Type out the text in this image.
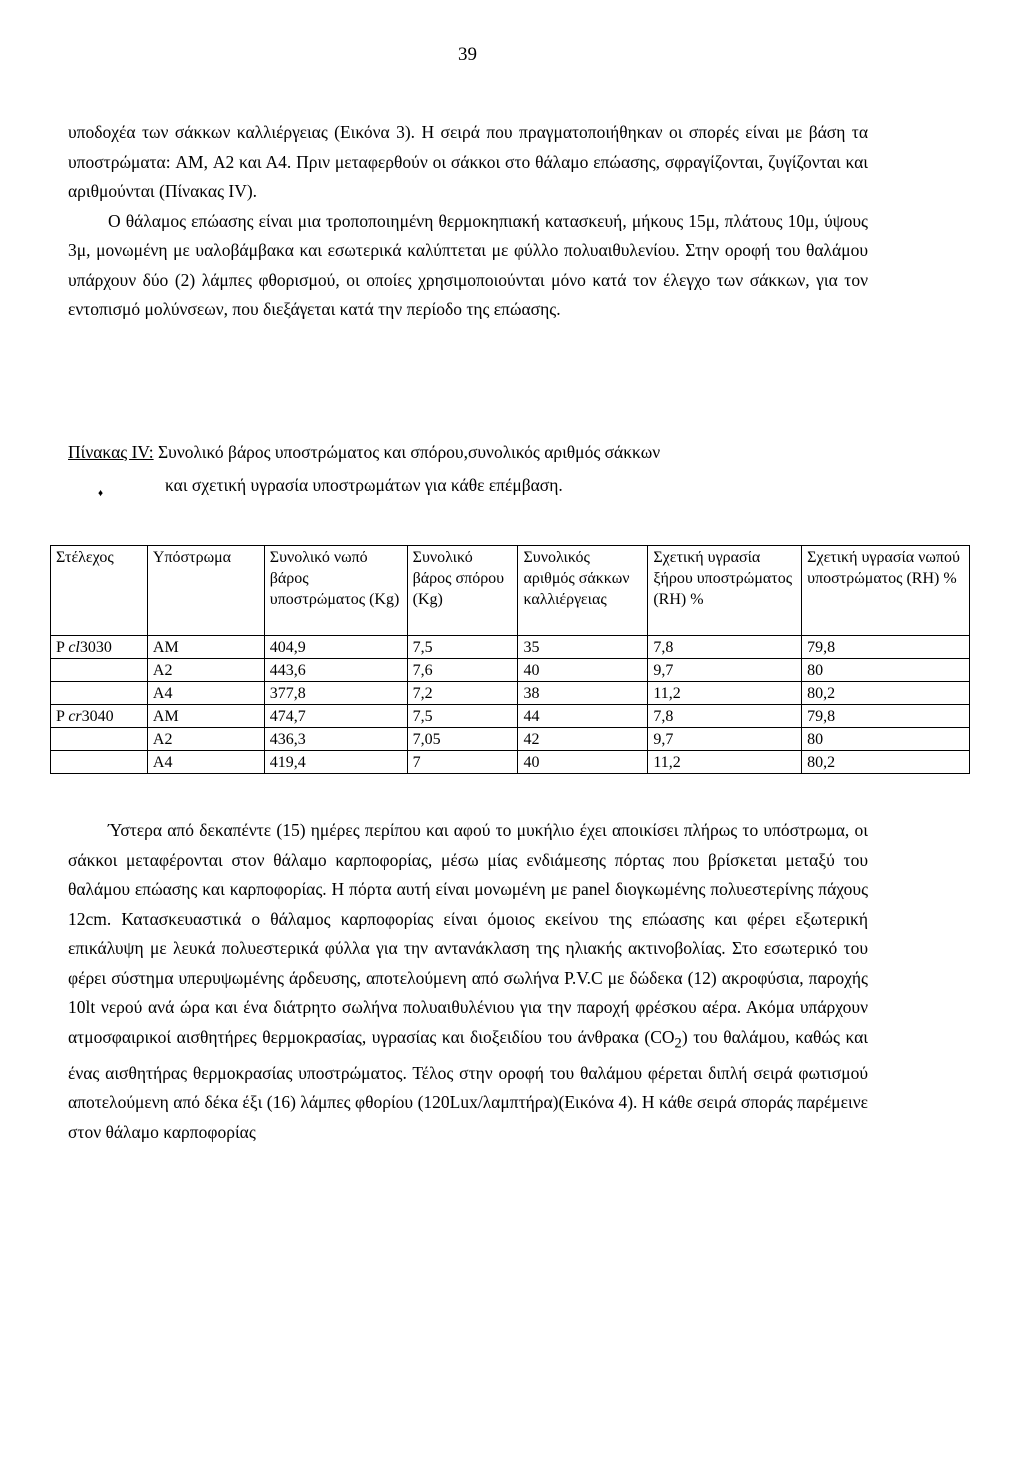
39
υποδοχέα των σάκκων καλλιέργειας (Εικόνα 3). Η σειρά που πραγματοποιήθηκαν οι σπορές είναι με βάση τα υποστρώματα: AM, Α2 και Α4. Πριν μεταφερθούν οι σάκκοι στο θάλαμο επώασης, σφραγίζονται, ζυγίζονται και αριθμούνται (Πίνακας IV).
Ο θάλαμος επώασης είναι μια τροποποιημένη θερμοκηπιακή κατασκευή, μήκους 15μ, πλάτους 10μ, ύψους 3μ, μονωμένη με υαλοβάμβακα και εσωτερικά καλύπτεται με φύλλο πολυαιθυλενίου. Στην οροφή του θαλάμου υπάρχουν δύο (2) λάμπες φθορισμού, οι οποίες χρησιμοποιούνται μόνο κατά τον έλεγχο των σάκκων, για τον εντοπισμό μολύνσεων, που διεξάγεται κατά την περίοδο της επώασης.
Πίνακας IV: Συνολικό βάρος υποστρώματος και σπόρου,συνολικός αριθμός σάκκων
και σχετική υγρασία υποστρωμάτων για κάθε επέμβαση.
♦
Στέλεχος	Υπόστρωμα	Συνολικό νωπό βάρος υποστρώματος (Kg)	Συνολικό βάρος σπόρου (Kg)	Συνολικός αριθμός σάκκων καλλιέργειας	Σχετική υγρασία ξήρου υποστρώματος (RH) %	Σχετική υγρασία νωπού υποστρώματος (RH) %
P cl3030	AM	404,9	7,5	35	7,8	79,8
	A2	443,6	7,6	40	9,7	80
	A4	377,8	7,2	38	11,2	80,2
P cr3040	AM	474,7	7,5	44	7,8	79,8
	A2	436,3	7,05	42	9,7	80
	A4	419,4	7	40	11,2	80,2
Ύστερα από δεκαπέντε (15) ημέρες περίπου και αφού το μυκήλιο έχει αποικίσει πλήρως το υπόστρωμα, οι σάκκοι μεταφέρονται στον θάλαμο καρποφορίας, μέσω μίας ενδιάμεσης πόρτας που βρίσκεται μεταξύ του θαλάμου επώασης και καρποφορίας. Η πόρτα αυτή είναι μονωμένη με panel διογκωμένης πολυεστερίνης πάχους 12cm. Κατασκευαστικά ο θάλαμος καρποφορίας είναι όμοιος εκείνου της επώασης και φέρει εξωτερική επικάλυψη με λευκά πολυεστερικά φύλλα για την αντανάκλαση της ηλιακής ακτινοβολίας. Στο εσωτερικό του φέρει σύστημα υπερυψωμένης άρδευσης, αποτελούμενη από σωλήνα P.V.C με δώδεκα (12) ακροφύσια, παροχής 10lt νερού ανά ώρα και ένα διάτρητο σωλήνα πολυαιθυλένιου για την παροχή φρέσκου αέρα. Ακόμα υπάρχουν ατμοσφαιρικοί αισθητήρες θερμοκρασίας, υγρασίας και διοξειδίου του άνθρακα $(CO_2)$ του θαλάμου, καθώς και ένας αισθητήρας θερμοκρασίας υποστρώματος. Τέλος στην οροφή του θαλάμου φέρεται διπλή σειρά φωτισμού αποτελούμενη από δέκα έξι (16) λάμπες φθορίου (120Lux/λαμπτήρα)(Εικόνα 4). Η κάθε σειρά σποράς παρέμεινε στον θάλαμο καρποφορίας
